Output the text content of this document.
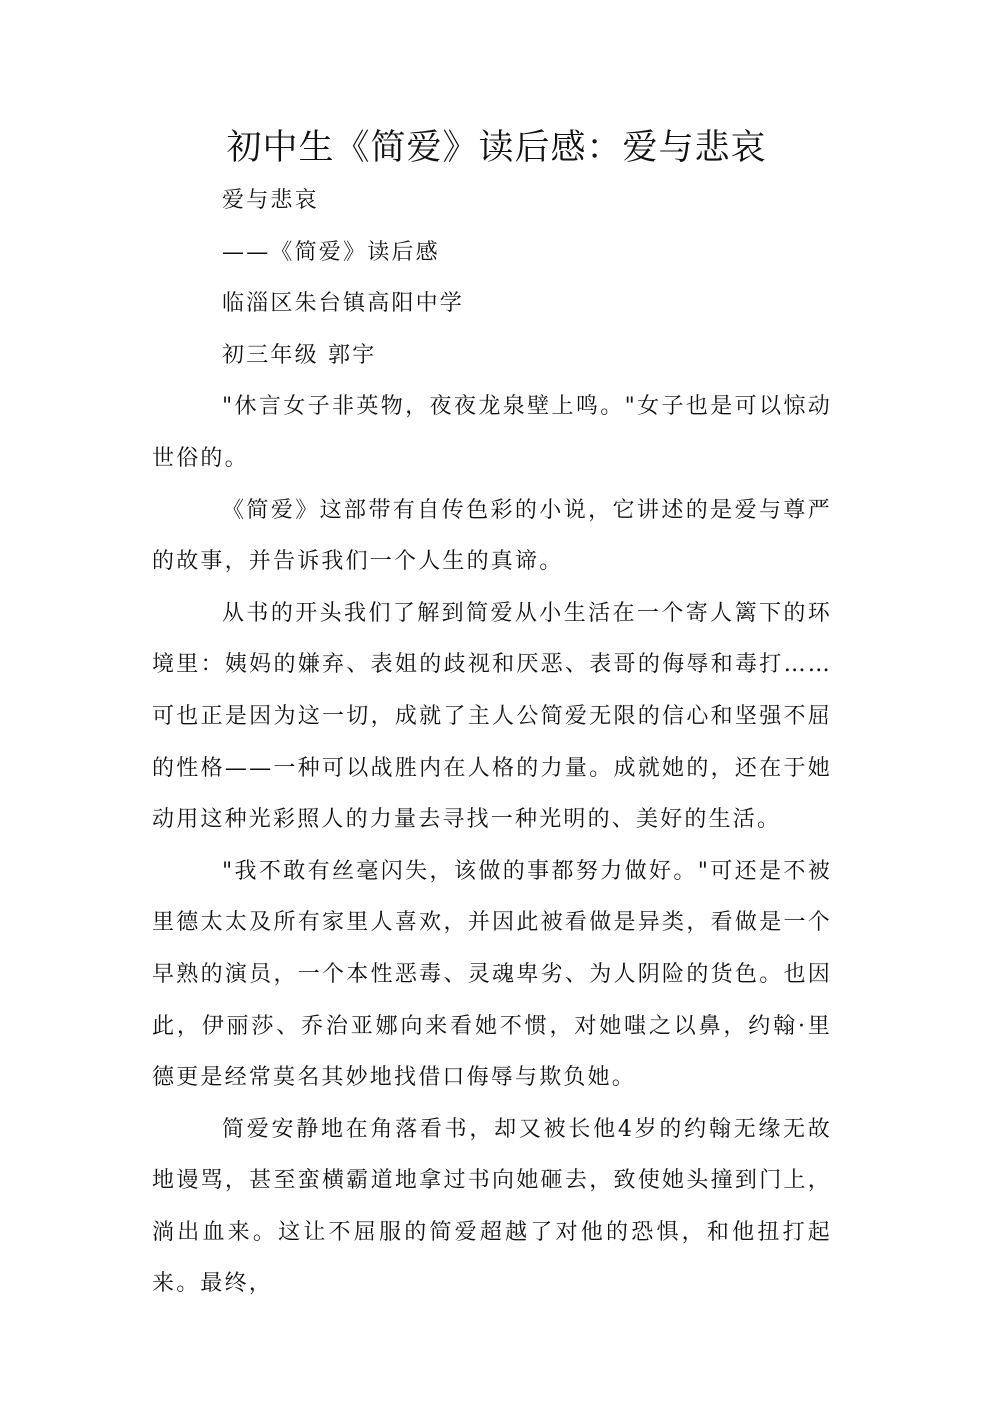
初中生《简爱》读后感：爱与悲哀

爱与悲哀

——《简爱》读后感

临淄区朱台镇高阳中学

初三年级 郭宇

"休言女子非英物，夜夜龙泉壁上鸣。"女子也是可以惊动世俗的。

《简爱》这部带有自传色彩的小说，它讲述的是爱与尊严的故事，并告诉我们一个人生的真谛。

从书的开头我们了解到简爱从小生活在一个寄人篱下的环境里：姨妈的嫌弃、表姐的歧视和厌恶、表哥的侮辱和毒打……可也正是因为这一切，成就了主人公简爱无限的信心和坚强不屈的性格——一种可以战胜内在人格的力量。成就她的，还在于她动用这种光彩照人的力量去寻找一种光明的、美好的生活。

"我不敢有丝毫闪失，该做的事都努力做好。"可还是不被里德太太及所有家里人喜欢，并因此被看做是异类，看做是一个早熟的演员，一个本性恶毒、灵魂卑劣、为人阴险的货色。也因此，伊丽莎、乔治亚娜向来看她不惯，对她嗤之以鼻，约翰·里德更是经常莫名其妙地找借口侮辱与欺负她。

简爱安静地在角落看书，却又被长他4岁的约翰无缘无故地谩骂，甚至蛮横霸道地拿过书向她砸去，致使她头撞到门上，淌出血来。这让不屈服的简爱超越了对他的恐惧，和他扭打起来。最终，
